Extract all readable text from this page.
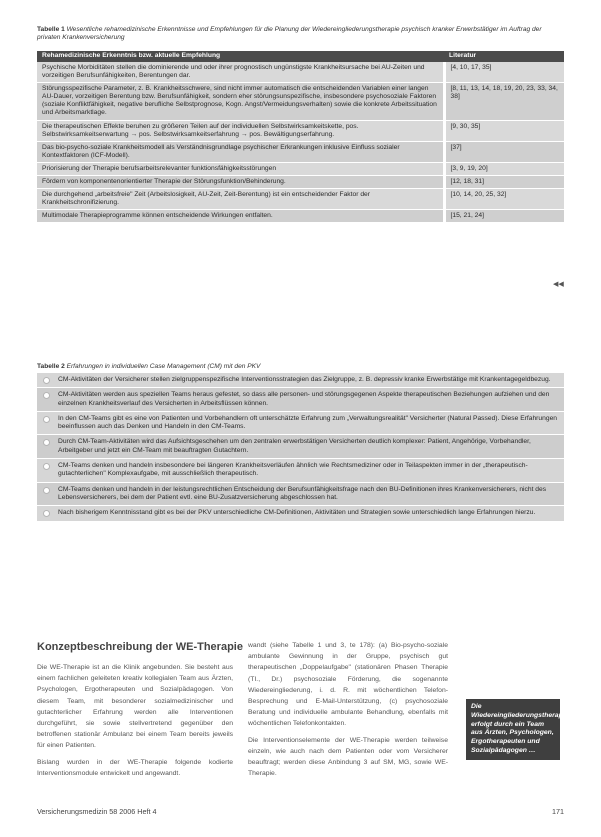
Tabelle 1 Wesentliche rehamedizinische Erkenntnisse und Empfehlungen für die Planung der Wiedereingliederungstherapie psychisch kranker Erwerbstätiger im Auftrag der privaten Krankenversicherung
Rehamedizinische Erkenntnis bzw. aktuelle Empfehlung	Literatur
Psychische Morbiditäten stellen die dominierende und oder ihrer prognostisch ungünstigste Krankheitsursache bei AU-Zeiten und vorzeitigen Berufsunfähigkeiten, Berentungen dar.	[4, 10, 17, 35]
Störungsspezifische Parameter, z. B. Krankheitsschwere, sind nicht immer automatisch die entscheidenden Variablen einer langen AU-Dauer, vorzeitigen Berentung bzw. Berufsunfähigkeit, sondern eher störungsunspezifische, insbesondere psychosoziale Faktoren (soziale Konfliktfähigkeit, negative berufliche Selbstprognose, Kogn. Angst/Vermeidungsverhalten) sowie die konkrete Arbeitssituation und Arbeitsmarktlage.	[8, 11, 13, 14, 18, 19, 20, 23, 33, 34, 38]
Die therapeutischen Effekte beruhen zu größeren Teilen auf der individuellen Selbstwirksamkeitskette, pos. Selbstwirksamkeitserwartung → pos. Selbstwirksamkeitserfahrung → pos. Bewältigungserfahrung.	[9, 30, 35]
Das bio-psycho-soziale Krankheitsmodell als Verständnisgrundlage psychischer Erkrankungen inklusive Einfluss sozialer Kontextfaktoren (ICF-Modell).	[37]
Priorisierung der Therapie berufsarbeitsrelevanter funktionsfähigkeitsstörungen	[3, 9, 19, 20]
Fördern von komponentenorientierter Therapie der Störungsfunktion/Behinderung.	[12, 18, 31]
Die durchgehend „arbeitsfreie" Zeit (Arbeitslosigkeit, AU-Zeit, Zeit-Berentung) ist ein entscheidender Faktor der Krankheitschronifizierung.	[10, 14, 20, 25, 32]
Multimodale Therapieprogramme können entscheidende Wirkungen entfalten.	[15, 21, 24]
◀◀
Tabelle 2 Erfahrungen in individuellen Case Management (CM) mit den PKV
CM-Aktivitäten der Versicherer stellen zielgruppenspezifische Interventionsstrategien das Zielgruppe, z. B. depressiv kranke Erwerbstätige mit Krankentagegeldbezug.
CM-Aktivitäten werden aus speziellen Teams heraus gefestet, so dass alle personen- und störungsgegenen Aspekte therapeutischen Beziehungen aufziehen und den einzelnen Krankheitsverlauf des Versicherten in Arbeitsflüssen können.
In den CM-Teams gibt es eine von Patienten und Vorbehandlern oft unterschätzte Erfahrung zum „Verwaltungsrealität" Versicherter (Natural Passed). Diese Erfahrungen beeinflussen auch das Denken und Handeln in den CM-Teams.
Durch CM-Team-Aktivitäten wird das Aufsichtsgeschehen um den zentralen erwerbstätigen Versicherten deutlich komplexer: Patient, Angehörige, Vorbehandler, Arbeitgeber und jetzt ein CM-Team mit beauftragten Gutachtern.
CM-Teams denken und handeln insbesondere bei längeren Krankheitsverläufen ähnlich wie Rechtsmediziner oder in Teilaspekten immer in der „therapeutisch-gutachterlichen" Komplexaufgabe, mit ausschließlich therapeutisch.
CM-Teams denken und handeln in der leistungsrechtlichen Entscheidung der Berufsunfähigkeitsfrage nach den BU-Definitionen ihres Krankenversicherers, nicht des Lebensversicherers, bei dem der Patient evtl. eine BU-Zusatzversicherung abgeschlossen hat.
Nach bisherigem Kenntnisstand gibt es bei der PKV unterschiedliche CM-Definitionen, Aktivitäten und Strategien sowie unterschiedlich lange Erfahrungen hierzu.
Konzeptbeschreibung der WE-Therapie

Die WE-Therapie ist an die Klinik angebunden. Sie besteht aus einem fachlichen geleiteten kreativ kollegialen Team aus Ärzten, Psychologen, Ergotherapeuten und Sozialpädagogen. Von diesem Team, mit besonderer sozialmedizinischer und gutachterlicher Erfahrung werden alle Interventionen durchgeführt, sie sowie stellvertretend gegenüber den betroffenen stationär Ambulanz bei einem Team bereits jeweils für einen Patienten.

Bislang wurden in der WE-Therapie folgende kodierte Interventionsmodule entwickelt und angewandt.

wandt (siehe Tabelle 1 und 3, te 178): (a) Bio-psycho-soziale ambulante Gewinnung in der Gruppe, psychisch gut therapeutischen „Doppelaufgabe" (stationären Phasen Therapie (TI., Dr.) psychosoziale Förderung, die sogenannte Wiedereingliederung, i. d. R. mit wöchentlichen Telefon-Besprechung und E-Mail-Unterstützung, (c) psychosoziale Beratung und individuelle ambulante Behandlung, ebenfalls mit wöchentlichen Telefonkontakten.

Die Interventionselemente der WE-Therapie werden teilweise einzeln, wie auch nach dem Patienten oder vom Versicherer beauftragt; werden diese Anbindung 3 auf SM, MG, sowie WE-Therapie.

Die Wiedereingliederungstherapie erfolgt durch ein Team aus Ärzten, Psychologen, Ergotherapeuten und Sozialpädagogen …
Versicherungsmedizin 58 2006 Heft 4	171
